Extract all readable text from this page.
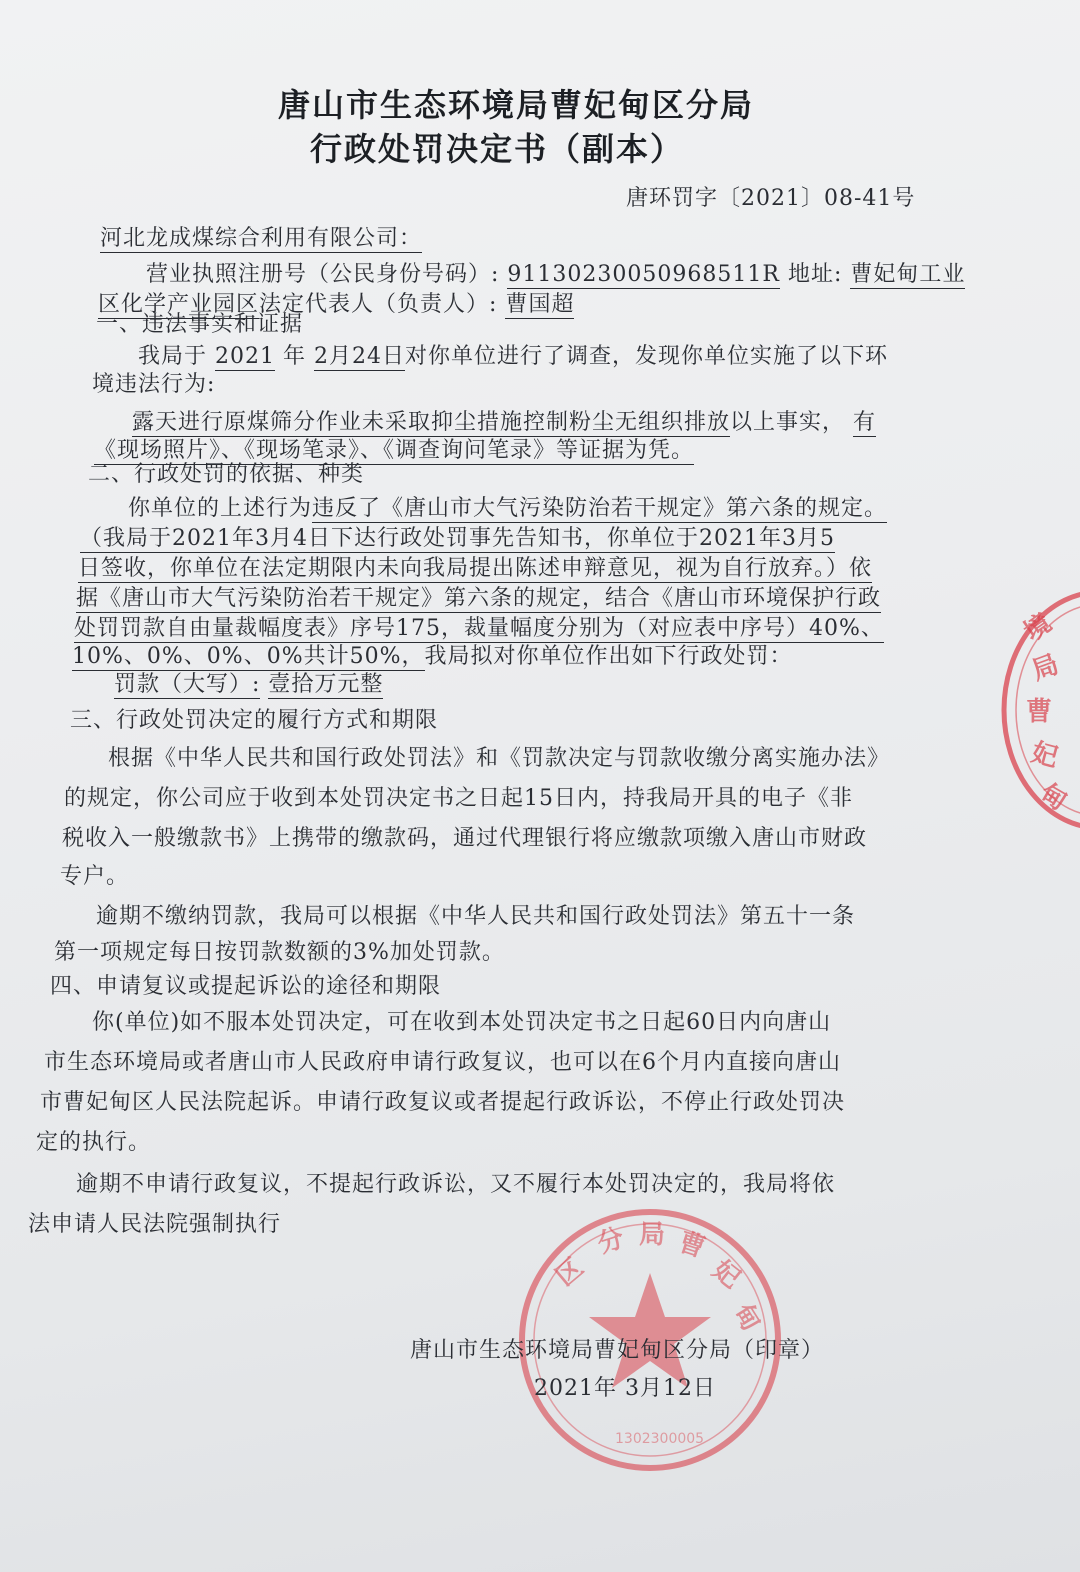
境
局
曹
妃
甸
区
分 局 曹
妃
甸
1302300005
唐山市生态环境局曹妃甸区分局
行政处罚决定书（副本）
唐环罚字〔2021〕08-41号
河北龙成煤综合利用有限公司：
营业执照注册号（公民身份号码）: 91130230050968511R 地址: 曹妃甸工业
区化学产业园区法定代表人（负责人）: 曹国超
一、违法事实和证据
我局于 2021 年 2月24日对你单位进行了调查，发现你单位实施了以下环
境违法行为:
露天进行原煤筛分作业未采取抑尘措施控制粉尘无组织排放以上事实， 有
《现场照片》、《现场笔录》、《调查询问笔录》等证据为凭。
二、行政处罚的依据、种类
你单位的上述行为违反了《唐山市大气污染防治若干规定》第六条的规定。
（我局于2021年3月4日下达行政处罚事先告知书，你单位于2021年3月5
日签收，你单位在法定期限内未向我局提出陈述申辩意见，视为自行放弃。）依
据《唐山市大气污染防治若干规定》第六条的规定，结合《唐山市环境保护行政
处罚罚款自由量裁幅度表》序号175，裁量幅度分别为（对应表中序号）40%、
10%、0%、0%、0%共计50%，我局拟对你单位作出如下行政处罚：
罚款（大写）: 壹拾万元整
三、行政处罚决定的履行方式和期限
根据《中华人民共和国行政处罚法》和《罚款决定与罚款收缴分离实施办法》
的规定，你公司应于收到本处罚决定书之日起15日内，持我局开具的电子《非
税收入一般缴款书》上携带的缴款码，通过代理银行将应缴款项缴入唐山市财政
专户。
逾期不缴纳罚款，我局可以根据《中华人民共和国行政处罚法》第五十一条
第一项规定每日按罚款数额的3%加处罚款。
四、申请复议或提起诉讼的途径和期限
你(单位)如不服本处罚决定，可在收到本处罚决定书之日起60日内向唐山
市生态环境局或者唐山市人民政府申请行政复议，也可以在6个月内直接向唐山
市曹妃甸区人民法院起诉。申请行政复议或者提起行政诉讼，不停止行政处罚决
定的执行。
逾期不申请行政复议，不提起行政诉讼，又不履行本处罚决定的，我局将依
法申请人民法院强制执行
唐山市生态环境局曹妃甸区分局（印章）
2021年 3月12日
